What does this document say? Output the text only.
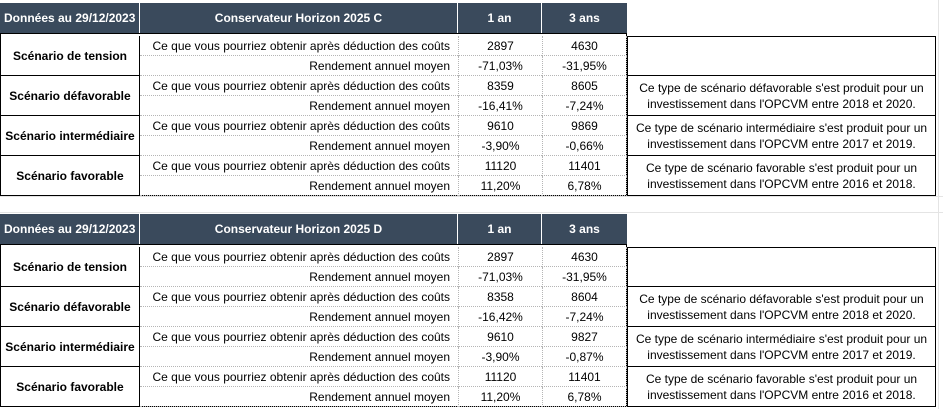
Données au 29/12/2023	Conservateur Horizon 2025 C	1 an	3 ans
Scénario de tension
Ce que vous pourriez obtenir après déduction des coûts	2897	4630
Rendement annuel moyen	-71,03%	-31,95%
Scénario défavorable
Ce que vous pourriez obtenir après déduction des coûts	8359	8605
Rendement annuel moyen	-16,41%	-7,24%
Ce type de scénario défavorable s'est produit pour un investissement dans l'OPCVM entre 2018 et 2020.
Scénario intermédiaire
Ce que vous pourriez obtenir après déduction des coûts	9610	9869
Rendement annuel moyen	-3,90%	-0,66%
Ce type de scénario intermédiaire s'est produit pour un investissement dans l'OPCVM entre 2017 et 2019.
Scénario favorable
Ce que vous pourriez obtenir après déduction des coûts	11120	11401
Rendement annuel moyen	11,20%	6,78%
Ce type de scénario favorable s'est produit pour un investissement dans l'OPCVM entre 2016 et 2018.
Données au 29/12/2023	Conservateur Horizon 2025 D	1 an	3 ans
Scénario de tension
Ce que vous pourriez obtenir après déduction des coûts	2897	4630
Rendement annuel moyen	-71,03%	-31,95%
Scénario défavorable
Ce que vous pourriez obtenir après déduction des coûts	8358	8604
Rendement annuel moyen	-16,42%	-7,24%
Ce type de scénario défavorable s'est produit pour un investissement dans l'OPCVM entre 2018 et 2020.
Scénario intermédiaire
Ce que vous pourriez obtenir après déduction des coûts	9610	9827
Rendement annuel moyen	-3,90%	-0,87%
Ce type de scénario intermédiaire s'est produit pour un investissement dans l'OPCVM entre 2017 et 2019.
Scénario favorable
Ce que vous pourriez obtenir après déduction des coûts	11120	11401
Rendement annuel moyen	11,20%	6,78%
Ce type de scénario favorable s'est produit pour un investissement dans l'OPCVM entre 2016 et 2018.
